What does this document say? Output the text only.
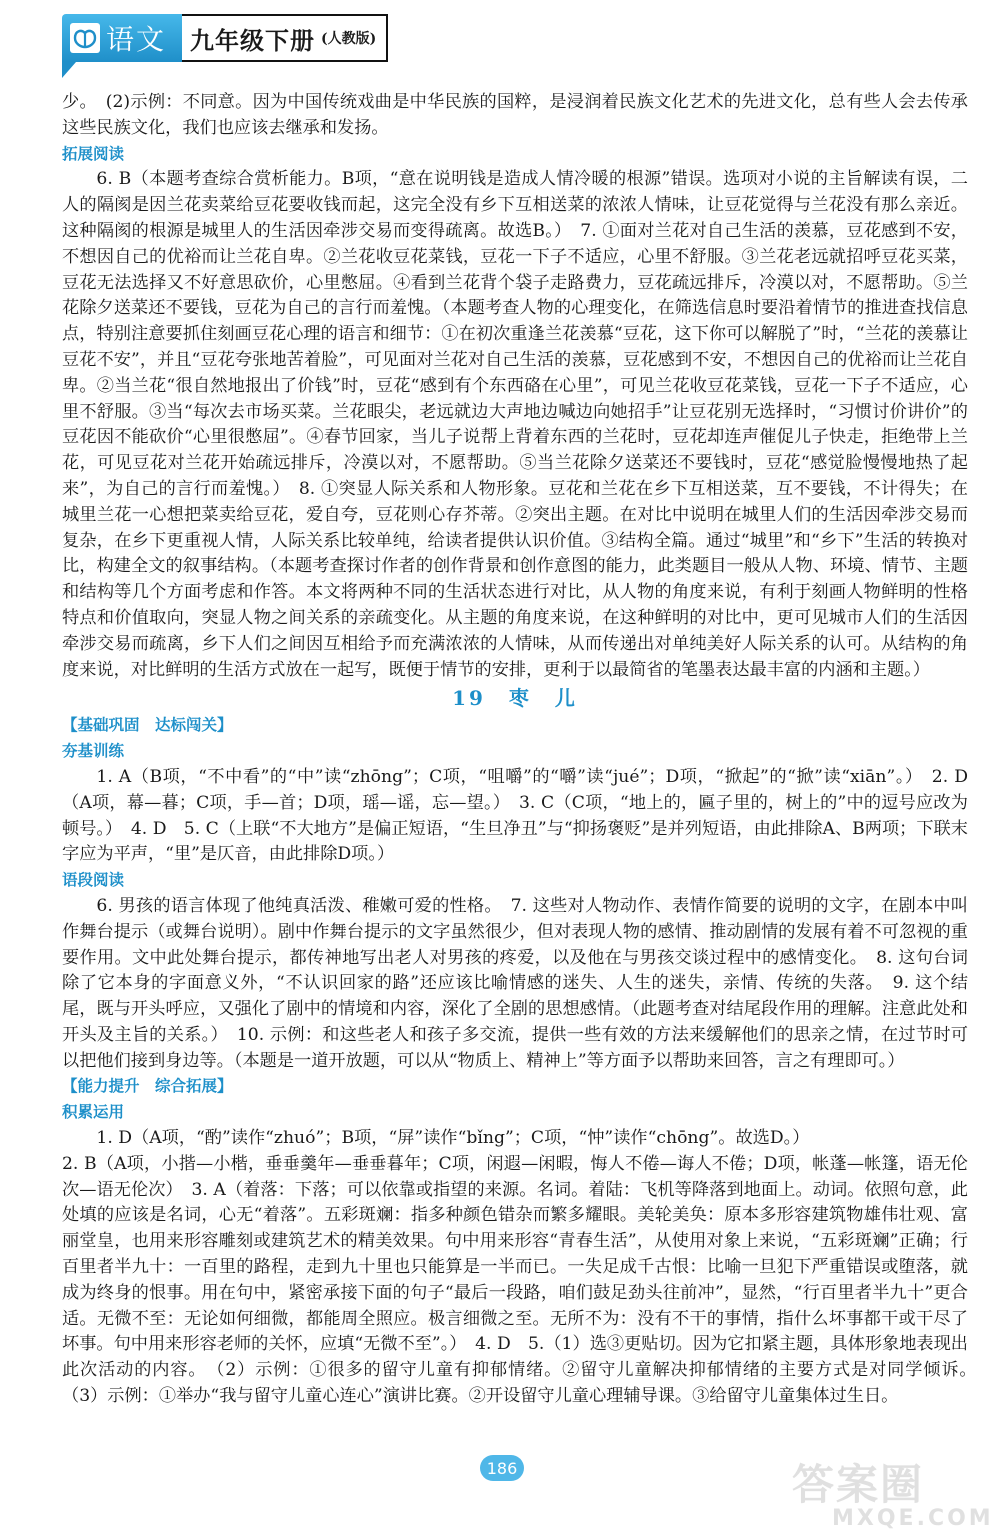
语文 九年级下册 (人教版)

少。　(2)示例：不同意。因为中国传统戏曲是中华民族的国粹，是浸润着民族文化艺术的先进文化，总有些人会去传承这些民族文化，我们也应该去继承和发扬。

拓展阅读

6. B（本题考查综合赏析能力。B项，“意在说明钱是造成人情冷暖的根源”错误。选项对小说的主旨解读有误，二人的隔阂是因兰花卖菜给豆花要收钱而起，这完全没有乡下互相送菜的浓浓人情味，让豆花觉得与兰花没有那么亲近。这种隔阂的根源是城里人的生活因牵涉交易而变得疏离。故选B。）　7. ①面对兰花对自己生活的羡慕，豆花感到不安，不想因自己的优裕而让兰花自卑。②兰花收豆花菜钱，豆花一下子不适应，心里不舒服。③兰花老远就招呼豆花买菜，豆花无法选择又不好意思砍价，心里憋屈。④看到兰花背个袋子走路费力，豆花疏远排斥，冷漠以对，不愿帮助。⑤兰花除夕送菜还不要钱，豆花为自己的言行而羞愧。（本题考查人物的心理变化，在筛选信息时要沿着情节的推进查找信息点，特别注意要抓住刻画豆花心理的语言和细节：①在初次重逢兰花羡慕“豆花，这下你可以解脱了”时，“兰花的羡慕让豆花不安”，并且“豆花夸张地苦着脸”，可见面对兰花对自己生活的羡慕，豆花感到不安，不想因自己的优裕而让兰花自卑。②当兰花“很自然地报出了价钱”时，豆花“感到有个东西硌在心里”，可见兰花收豆花菜钱，豆花一下子不适应，心里不舒服。③当“每次去市场买菜。兰花眼尖，老远就边大声地边喊边向她招手”让豆花别无选择时，“习惯讨价讲价”的豆花因不能砍价“心里很憋屈”。④春节回家，当儿子说帮上背着东西的兰花时，豆花却连声催促儿子快走，拒绝带上兰花，可见豆花对兰花开始疏远排斥，冷漠以对，不愿帮助。⑤当兰花除夕送菜还不要钱时，豆花“感觉脸慢慢地热了起来”，为自己的言行而羞愧。）　8. ①突显人际关系和人物形象。豆花和兰花在乡下互相送菜，互不要钱，不计得失；在城里兰花一心想把菜卖给豆花，爱自夸，豆花则心存芥蒂。②突出主题。在对比中说明在城里人们的生活因牵涉交易而复杂，在乡下更重视人情，人际关系比较单纯，给读者提供认识价值。③结构全篇。通过“城里”和“乡下”生活的转换对比，构建全文的叙事结构。（本题考查探讨作者的创作背景和创作意图的能力，此类题目一般从人物、环境、情节、主题和结构等几个方面考虑和作答。本文将两种不同的生活状态进行对比，从人物的角度来说，有利于刻画人物鲜明的性格特点和价值取向，突显人物之间关系的亲疏变化。从主题的角度来说，在这种鲜明的对比中，更可见城市人们的生活因牵涉交易而疏离，乡下人们之间因互相给予而充满浓浓的人情味，从而传递出对单纯美好人际关系的认可。从结构的角度来说，对比鲜明的生活方式放在一起写，既便于情节的安排，更利于以最简省的笔墨表达最丰富的内涵和主题。）

19　枣　儿

【基础巩固　达标闯关】

夯基训练

1. A（B项，“不中看”的“中”读“zhōng”；C项，“咀嚼”的“嚼”读“jué”；D项，“掀起”的“掀”读“xiān”。）　2. D（A项，幕—暮；C项，手—首；D项，瑶—谣，忘—望。）　3. C（C项，“地上的，匾子里的，树上的”中的逗号应改为顿号。）　4. D　5. C（上联“不大地方”是偏正短语，“生旦净丑”与“抑扬褒贬”是并列短语，由此排除A、B两项；下联末字应为平声，“里”是仄音，由此排除D项。）

语段阅读

6. 男孩的语言体现了他纯真活泼、稚嫩可爱的性格。　7. 这些对人物动作、表情作简要的说明的文字，在剧本中叫作舞台提示（或舞台说明）。剧中作舞台提示的文字虽然很少，但对表现人物的感情、推动剧情的发展有着不可忽视的重要作用。文中此处舞台提示，都传神地写出老人对男孩的疼爱，以及他在与男孩交谈过程中的感情变化。　8. 这句台词除了它本身的字面意义外，“不认识回家的路”还应该比喻情感的迷失、人生的迷失，亲情、传统的失落。　9. 这个结尾，既与开头呼应，又强化了剧中的情境和内容，深化了全剧的思想感情。（此题考查对结尾段作用的理解。注意此处和开头及主旨的关系。）　10. 示例：和这些老人和孩子多交流，提供一些有效的方法来缓解他们的思亲之情，在过节时可以把他们接到身边等。（本题是一道开放题，可以从“物质上、精神上”等方面予以帮助来回答，言之有理即可。）

【能力提升　综合拓展】

积累运用

1. D（A项，“酌”读作“zhuó”；B项，“屏”读作“bǐng”；C项，“忡”读作“chōng”。故选D。）

2. B（A项，小揩—小楷，垂垂羹年—垂垂暮年；C项，闲遐—闲暇，悔人不倦—诲人不倦；D项，帐蓬—帐篷，语无伦次—语无伦次）　3. A（着落：下落；可以依靠或指望的来源。名词。着陆：飞机等降落到地面上。动词。依照句意，此处填的应该是名词，心无“着落”。五彩斑斓：指多种颜色错杂而繁多耀眼。美轮美奂：原本多形容建筑物雄伟壮观、富丽堂皇，也用来形容雕刻或建筑艺术的精美效果。句中用来形容“青春生活”，从使用对象上来说，“五彩斑斓”正确；行百里者半九十：一百里的路程，走到九十里也只能算是一半而已。一失足成千古恨：比喻一旦犯下严重错误或堕落，就成为终身的恨事。用在句中，紧密承接下面的句子“最后一段路，咱们鼓足劲头往前冲”，显然，“行百里者半九十”更合适。无微不至：无论如何细微，都能周全照应。极言细微之至。无所不为：没有不干的事情，指什么坏事都干或干尽了坏事。句中用来形容老师的关怀，应填“无微不至”。）　4. D　5.（1）选③更贴切。因为它扣紧主题，具体形象地表现出此次活动的内容。　（2）示例：①很多的留守儿童有抑郁情绪。②留守儿童解决抑郁情绪的主要方式是对同学倾诉。　（3）示例：①举办“我与留守儿童心连心”演讲比赛。②开设留守儿童心理辅导课。③给留守儿童集体过生日。

186	答案圈
MXQE.COM
